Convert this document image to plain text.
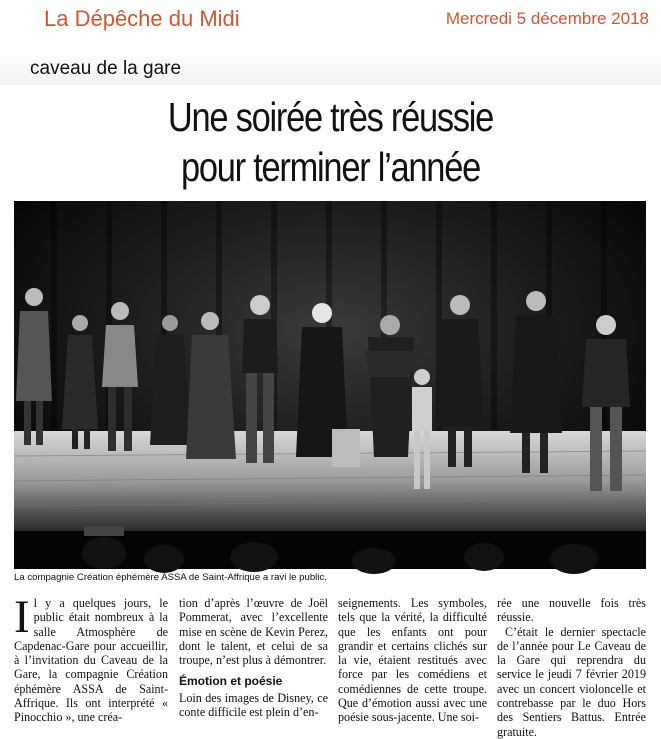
La Dépêche du Midi	Mercredi 5 décembre 2018
caveau de la gare
Une soirée très réussie
pour terminer l’année
La compagnie Création éphémère ASSA de Saint-Affrique a ravi le public.

Il y a quelques jours, le public était nombreux à la salle Atmosphère de Capdenac-Gare pour accueillir, à l’invitation du Caveau de la Gare, la compagnie Création éphémère ASSA de Saint-Affrique. Ils ont interprété « Pinocchio », une créa-

tion d’après l’œuvre de Joël Pommerat, avec l’excellente mise en scène de Kevin Perez, dont le talent, et celui de sa troupe, n’est plus à démontrer.

Émotion et poésie

Loin des images de Disney, ce conte difficile est plein d’en-

seignements. Les symboles, tels que la vérité, la difficulté que les enfants ont pour grandir et certains clichés sur la vie, étaient restitués avec force par les comédiens et comédiennes de cette troupe. Que d’émotion aussi avec une poésie sous-jacente. Une soi-

rée une nouvelle fois très réussie.

C’était le dernier spectacle de l’année pour Le Caveau de la Gare qui reprendra du service le jeudi 7 février 2019 avec un concert violoncelle et contrebasse par le duo Hors des Sentiers Battus. Entrée gratuite.
